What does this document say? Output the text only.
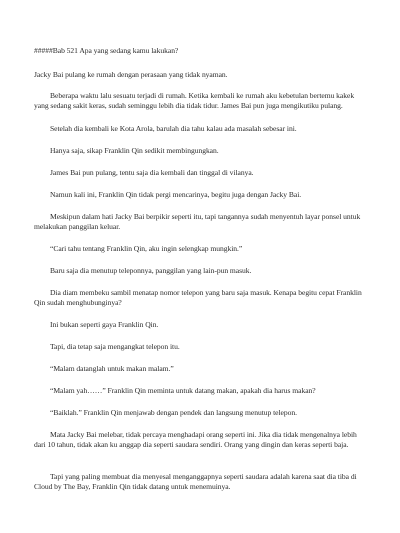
#####Bab 521 Apa yang sedang kamu lakukan?

Jacky Bai pulang ke rumah dengan perasaan yang tidak nyaman.

Beberapa waktu lalu sesuatu terjadi di rumah. Ketika kembali ke rumah aku kebetulan bertemu kakek yang sedang sakit keras, sudah seminggu lebih dia tidak tidur. James Bai pun juga mengikutiku pulang.

Setelah dia kembali ke Kota Arola, barulah dia tahu kalau ada masalah sebesar ini.

Hanya saja, sikap Franklin Qin sedikit membingungkan.

James Bai pun pulang, tentu saja dia kembali dan tinggal di vilanya.

Namun kali ini, Franklin Qin tidak pergi mencarinya, begitu juga dengan Jacky Bai.

Meskipun dalam hati Jacky Bai berpikir seperti itu, tapi tangannya sudah menyentuh layar ponsel untuk melakukan panggilan keluar.

“Cari tahu tentang Franklin Qin, aku ingin selengkap mungkin.”

Baru saja dia menutup teleponnya, panggilan yang lain-pun masuk.

Dia diam membeku sambil menatap nomor telepon yang baru saja masuk. Kenapa begitu cepat Franklin Qin sudah menghubunginya?

Ini bukan seperti gaya Franklin Qin.

Tapi, dia tetap saja mengangkat telepon itu.

“Malam datanglah untuk makan malam.”

“Malam yah……” Franklin Qin meminta untuk datang makan, apakah dia harus makan?

“Baiklah.” Franklin Qin menjawab dengan pendek dan langsung menutup telepon.

Mata Jacky Bai melebar, tidak percaya menghadapi orang seperti ini. Jika dia tidak mengenalnya lebih dari 10 tahun, tidak akan ku anggap dia seperti saudara sendiri. Orang yang dingin dan keras seperti baja.

Tapi yang paling membuat dia menyesal menganggapnya seperti saudara adalah karena saat dia tiba di Cloud by The Bay, Franklin Qin tidak datang untuk menemuinya.
